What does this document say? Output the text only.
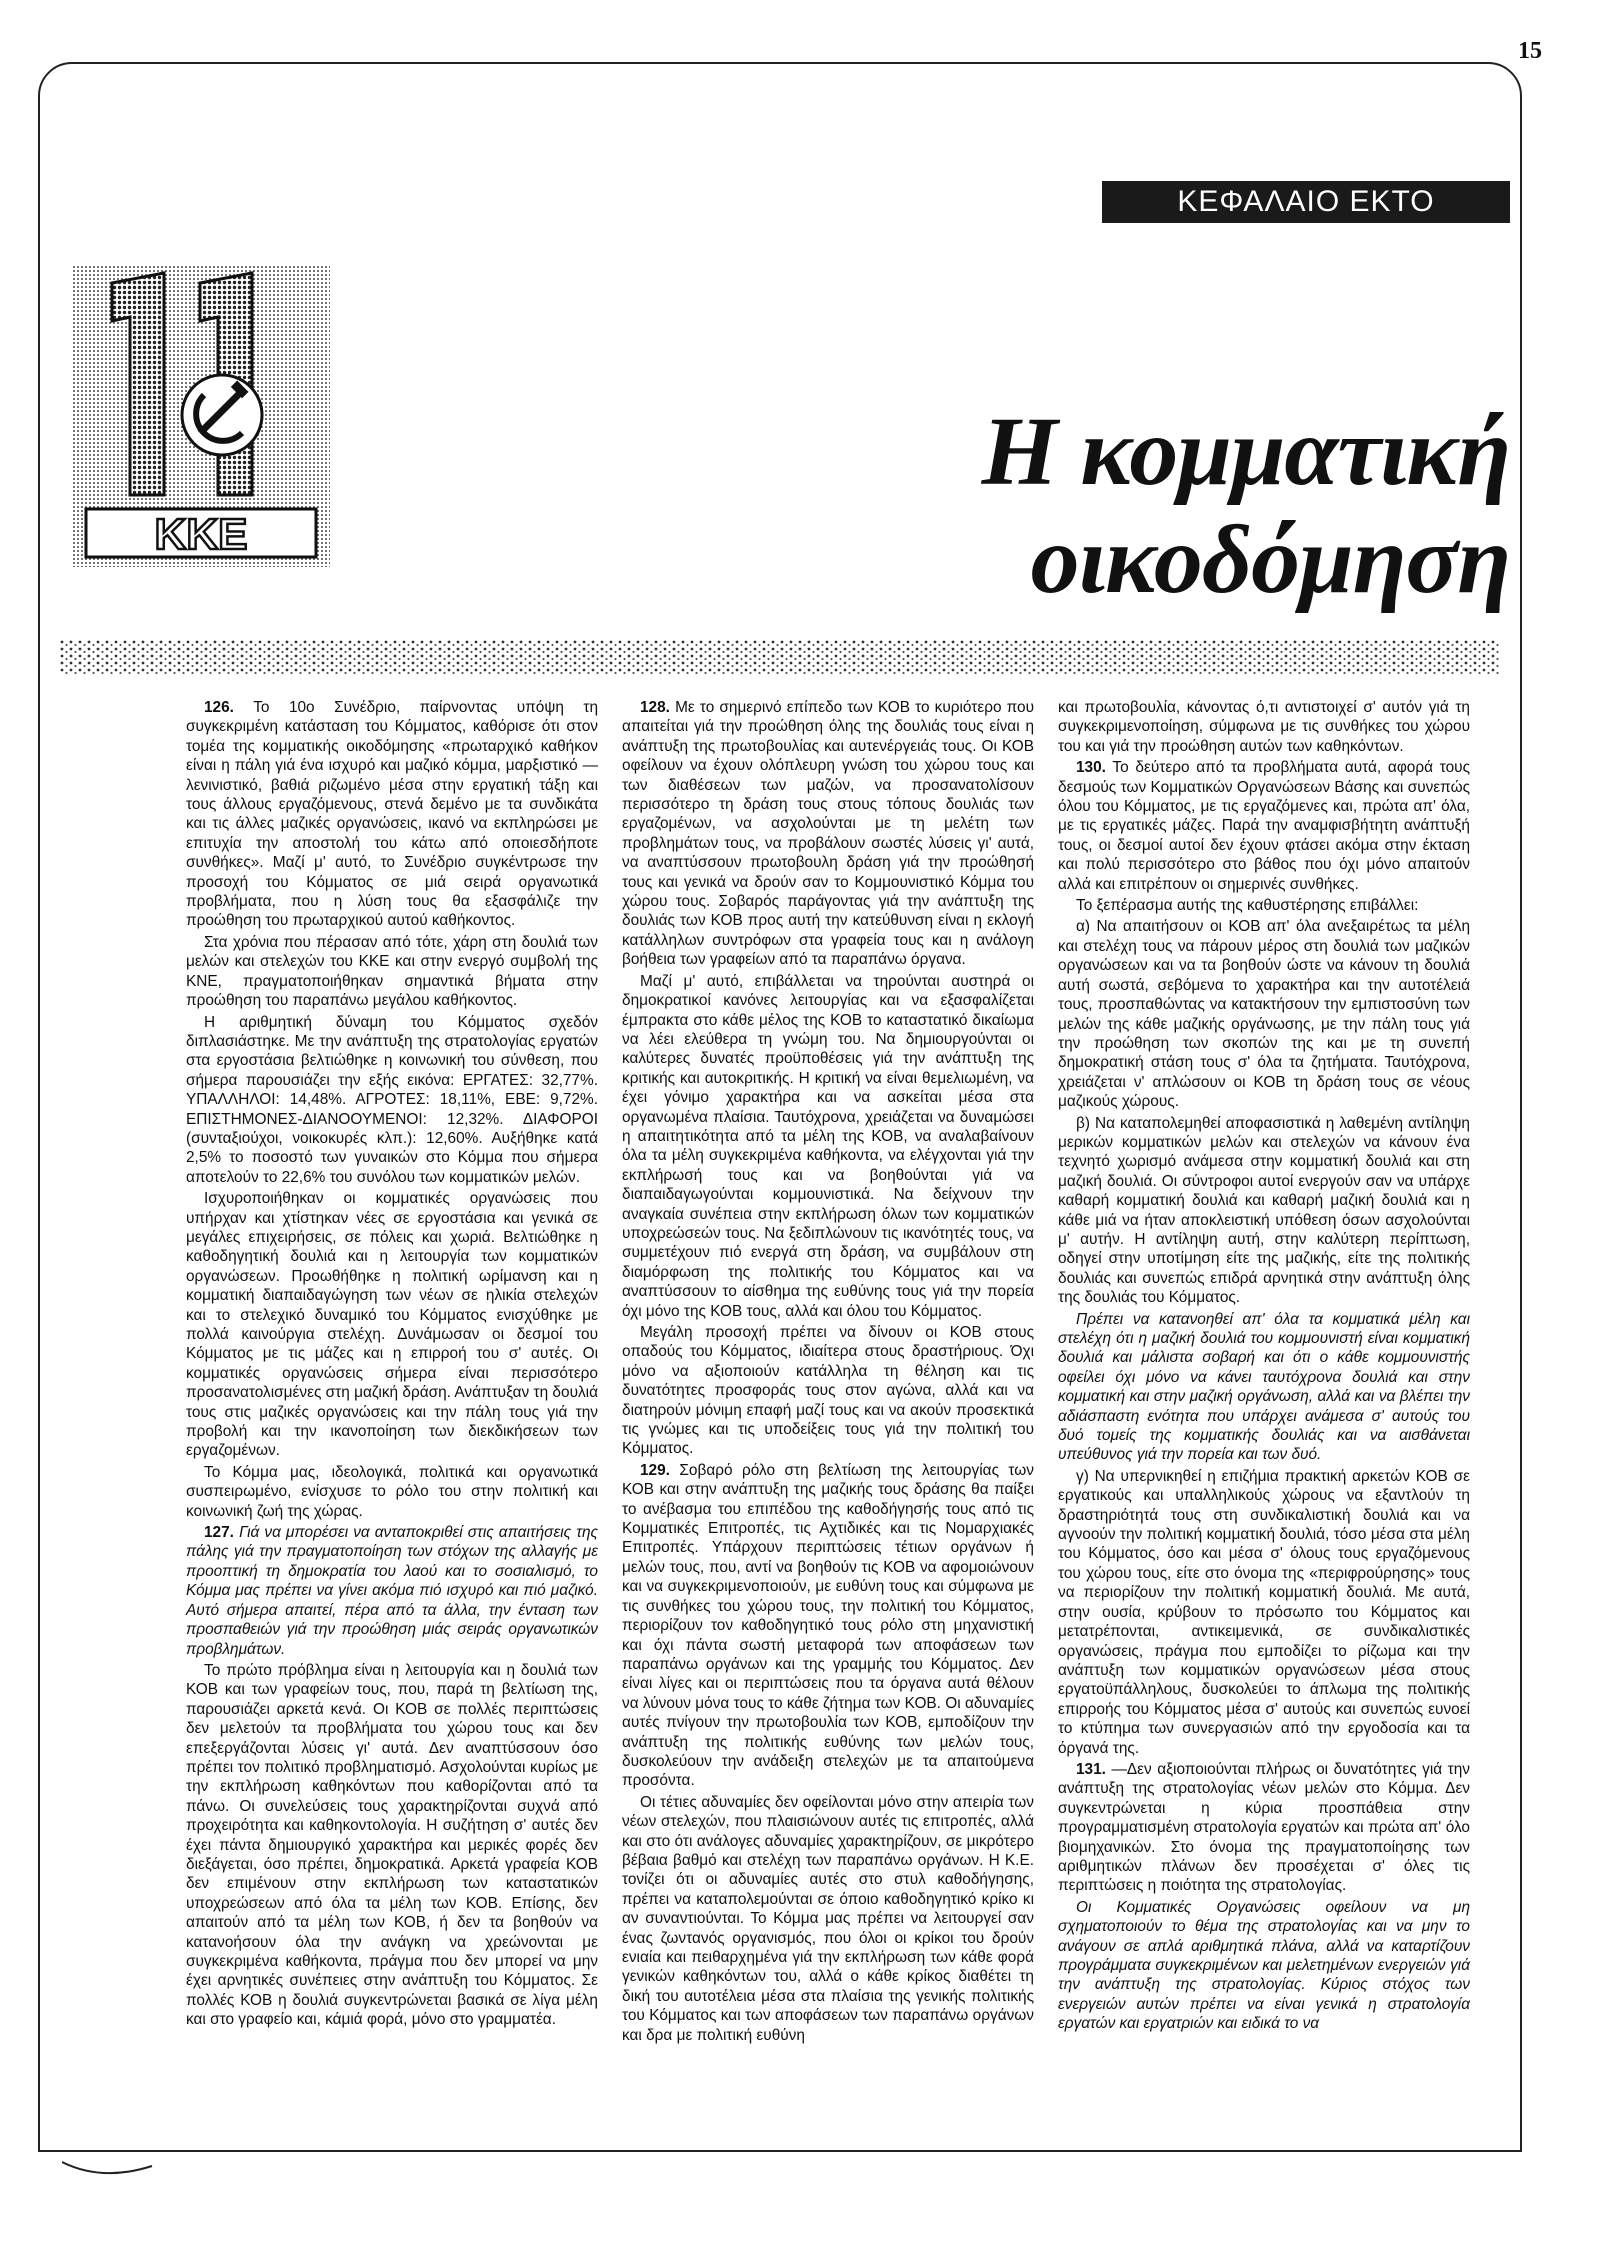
15
ΚΕΦΑΛΑΙΟ ΕΚΤΟ
ΚΚΕ
Η κομματική
οικοδόμηση

126. Το 10ο Συνέδριο, παίρνοντας υπόψη τη συγκεκριμένη κατάσταση του Κόμματος, καθόρισε ότι στον τομέα της κομματικής οικοδόμησης «πρωταρχικό καθήκον είναι η πάλη γιά ένα ισχυρό και μαζικό κόμμα, μαρξιστικό — λενινιστικό, βαθιά ριζωμένο μέσα στην εργατική τάξη και τους άλλους εργαζόμενους, στενά δεμένο με τα συνδικάτα και τις άλλες μαζικές οργανώσεις, ικανό να εκπληρώσει με επιτυχία την αποστολή του κάτω από οποιεσδήποτε συνθήκες». Μαζί μ' αυτό, το Συνέδριο συγκέντρωσε την προσοχή του Κόμματος σε μιά σειρά οργανωτικά προβλήματα, που η λύση τους θα εξασφάλιζε την προώθηση του πρωταρχικού αυτού καθήκοντος.

Στα χρόνια που πέρασαν από τότε, χάρη στη δουλιά των μελών και στελεχών του ΚΚΕ και στην ενεργό συμβολή της ΚΝΕ, πραγματοποιήθηκαν σημαντικά βήματα στην προώθηση του παραπάνω μεγάλου καθήκοντος.

Η αριθμητική δύναμη του Κόμματος σχεδόν διπλασιάστηκε. Με την ανάπτυξη της στρατολογίας εργατών στα εργοστάσια βελτιώθηκε η κοινωνική του σύνθεση, που σήμερα παρουσιάζει την εξής εικόνα: ΕΡΓΑΤΕΣ: 32,77%. ΥΠΑΛΛΗΛΟΙ: 14,48%. ΑΓΡΟΤΕΣ: 18,11%, ΕΒΕ: 9,72%. ΕΠΙΣΤΗΜΟΝΕΣ-ΔΙΑΝΟΟΥΜΕΝΟΙ: 12,32%. ΔΙΑΦΟΡΟΙ (συνταξιούχοι, νοικοκυρές κλπ.): 12,60%. Αυξήθηκε κατά 2,5% το ποσοστό των γυναικών στο Κόμμα που σήμερα αποτελούν το 22,6% του συνόλου των κομματικών μελών.

Ισχυροποιήθηκαν οι κομματικές οργανώσεις που υπήρχαν και χτίστηκαν νέες σε εργοστάσια και γενικά σε μεγάλες επιχειρήσεις, σε πόλεις και χωριά. Βελτιώθηκε η καθοδηγητική δουλιά και η λειτουργία των κομματικών οργανώσεων. Προωθήθηκε η πολιτική ωρίμανση και η κομματική διαπαιδαγώγηση των νέων σε ηλικία στελεχών και το στελεχικό δυναμικό του Κόμματος ενισχύθηκε με πολλά καινούργια στελέχη. Δυνάμωσαν οι δεσμοί του Κόμματος με τις μάζες και η επιρροή του σ' αυτές. Οι κομματικές οργανώσεις σήμερα είναι περισσότερο προσανατολισμένες στη μαζική δράση. Ανάπτυξαν τη δουλιά τους στις μαζικές οργανώσεις και την πάλη τους γιά την προβολή και την ικανοποίηση των διεκδικήσεων των εργαζομένων.

Το Κόμμα μας, ιδεολογικά, πολιτικά και οργανωτικά συσπειρωμένο, ενίσχυσε το ρόλο του στην πολιτική και κοινωνική ζωή της χώρας.

127. Γιά να μπορέσει να ανταποκριθεί στις απαιτήσεις της πάλης γιά την πραγματοποίηση των στόχων της αλλαγής με προοπτική τη δημοκρατία του λαού και το σοσιαλισμό, το Κόμμα μας πρέπει να γίνει ακόμα πιό ισχυρό και πιό μαζικό. Αυτό σήμερα απαιτεί, πέρα από τα άλλα, την ένταση των προσπαθειών γιά την προώθηση μιάς σειράς οργανωτικών προβλημάτων.

Το πρώτο πρόβλημα είναι η λειτουργία και η δουλιά των ΚΟΒ και των γραφείων τους, που, παρά τη βελτίωση της, παρουσιάζει αρκετά κενά. Οι ΚΟΒ σε πολλές περιπτώσεις δεν μελετούν τα προβλήματα του χώρου τους και δεν επεξεργάζονται λύσεις γι' αυτά. Δεν αναπτύσσουν όσο πρέπει τον πολιτικό προβληματισμό. Ασχολούνται κυρίως με την εκπλήρωση καθηκόντων που καθορίζονται από τα πάνω. Οι συνελεύσεις τους χαρακτηρίζονται συχνά από προχειρότητα και καθηκοντολογία. Η συζήτηση σ' αυτές δεν έχει πάντα δημιουργικό χαρακτήρα και μερικές φορές δεν διεξάγεται, όσο πρέπει, δημοκρατικά. Αρκετά γραφεία ΚΟΒ δεν επιμένουν στην εκπλήρωση των καταστατικών υποχρεώσεων από όλα τα μέλη των ΚΟΒ. Επίσης, δεν απαιτούν από τα μέλη των ΚΟΒ, ή δεν τα βοηθούν να κατανοήσουν όλα την ανάγκη να χρεώνονται με συγκεκριμένα καθήκοντα, πράγμα που δεν μπορεί να μην έχει αρνητικές συνέπειες στην ανάπτυξη του Κόμματος. Σε πολλές ΚΟΒ η δουλιά συγκεντρώνεται βασικά σε λίγα μέλη και στο γραφείο και, κάμιά φορά, μόνο στο γραμματέα.

128. Με το σημερινό επίπεδο των ΚΟΒ το κυριότερο που απαιτείται γιά την προώθηση όλης της δουλιάς τους είναι η ανάπτυξη της πρωτοβουλίας και αυτενέργειάς τους. Οι ΚΟΒ οφείλουν να έχουν ολόπλευρη γνώση του χώρου τους και των διαθέσεων των μαζών, να προσανατολίσουν περισσότερο τη δράση τους στους τόπους δουλιάς των εργαζομένων, να ασχολούνται με τη μελέτη των προβλημάτων τους, να προβάλουν σωστές λύσεις γι' αυτά, να αναπτύσσουν πρωτοβουλη δράση γιά την προώθησή τους και γενικά να δρούν σαν το Κομμουνιστικό Κόμμα του χώρου τους. Σοβαρός παράγοντας γιά την ανάπτυξη της δουλιάς των ΚΟΒ προς αυτή την κατεύθυνση είναι η εκλογή κατάλληλων συντρόφων στα γραφεία τους και η ανάλογη βοήθεια των γραφείων από τα παραπάνω όργανα.

Μαζί μ' αυτό, επιβάλλεται να τηρούνται αυστηρά οι δημοκρατικοί κανόνες λειτουργίας και να εξασφαλίζεται έμπρακτα στο κάθε μέλος της ΚΟΒ το καταστατικό δικαίωμα να λέει ελεύθερα τη γνώμη του. Να δημιουργούνται οι καλύτερες δυνατές προϋποθέσεις γιά την ανάπτυξη της κριτικής και αυτοκριτικής. Η κριτική να είναι θεμελιωμένη, να έχει γόνιμο χαρακτήρα και να ασκείται μέσα στα οργανωμένα πλαίσια. Ταυτόχρονα, χρειάζεται να δυναμώσει η απαιτητικότητα από τα μέλη της ΚΟΒ, να αναλαβαίνουν όλα τα μέλη συγκεκριμένα καθήκοντα, να ελέγχονται γιά την εκπλήρωσή τους και να βοηθούνται γιά να διαπαιδαγωγούνται κομμουνιστικά. Να δείχνουν την αναγκαία συνέπεια στην εκπλήρωση όλων των κομματικών υποχρεώσεών τους. Να ξεδιπλώνουν τις ικανότητές τους, να συμμετέχουν πιό ενεργά στη δράση, να συμβάλουν στη διαμόρφωση της πολιτικής του Κόμματος και να αναπτύσσουν το αίσθημα της ευθύνης τους γιά την πορεία όχι μόνο της ΚΟΒ τους, αλλά και όλου του Κόμματος.

Μεγάλη προσοχή πρέπει να δίνουν οι ΚΟΒ στους οπαδούς του Κόμματος, ιδιαίτερα στους δραστήριους. Όχι μόνο να αξιοποιούν κατάλληλα τη θέληση και τις δυνατότητες προσφοράς τους στον αγώνα, αλλά και να διατηρούν μόνιμη επαφή μαζί τους και να ακούν προσεκτικά τις γνώμες και τις υποδείξεις τους γιά την πολιτική του Κόμματος.

129. Σοβαρό ρόλο στη βελτίωση της λειτουργίας των ΚΟΒ και στην ανάπτυξη της μαζικής τους δράσης θα παίξει το ανέβασμα του επιπέδου της καθοδήγησής τους από τις Κομματικές Επιτροπές, τις Αχτιδικές και τις Νομαρχιακές Επιτροπές. Υπάρχουν περιπτώσεις τέτιων οργάνων ή μελών τους, που, αντί να βοηθούν τις ΚΟΒ να αφομοιώνουν και να συγκεκριμενοποιούν, με ευθύνη τους και σύμφωνα με τις συνθήκες του χώρου τους, την πολιτική του Κόμματος, περιορίζουν τον καθοδηγητικό τους ρόλο στη μηχανιστική και όχι πάντα σωστή μεταφορά των αποφάσεων των παραπάνω οργάνων και της γραμμής του Κόμματος. Δεν είναι λίγες και οι περιπτώσεις που τα όργανα αυτά θέλουν να λύνουν μόνα τους το κάθε ζήτημα των ΚΟΒ. Οι αδυναμίες αυτές πνίγουν την πρωτοβουλία των ΚΟΒ, εμποδίζουν την ανάπτυξη της πολιτικής ευθύνης των μελών τους, δυσκολεύουν την ανάδειξη στελεχών με τα απαιτούμενα προσόντα.

Οι τέτιες αδυναμίες δεν οφείλονται μόνο στην απειρία των νέων στελεχών, που πλαισιώνουν αυτές τις επιτροπές, αλλά και στο ότι ανάλογες αδυναμίες χαρακτηρίζουν, σε μικρότερο βέβαια βαθμό και στελέχη των παραπάνω οργάνων. Η Κ.Ε. τονίζει ότι οι αδυναμίες αυτές στο στυλ καθοδήγησης, πρέπει να καταπολεμούνται σε όποιο καθοδηγητικό κρίκο κι αν συναντιούνται. Το Κόμμα μας πρέπει να λειτουργεί σαν ένας ζωντανός οργανισμός, που όλοι οι κρίκοι του δρούν ενιαία και πειθαρχημένα γιά την εκπλήρωση των κάθε φορά γενικών καθηκόντων του, αλλά ο κάθε κρίκος διαθέτει τη δική του αυτοτέλεια μέσα στα πλαίσια της γενικής πολιτικής του Κόμματος και των αποφάσεων των παραπάνω οργάνων και δρα με πολιτική ευθύνη

και πρωτοβουλία, κάνοντας ό,τι αντιστοιχεί σ' αυτόν γιά τη συγκεκριμενοποίηση, σύμφωνα με τις συνθήκες του χώρου του και γιά την προώθηση αυτών των καθηκόντων.

130. Το δεύτερο από τα προβλήματα αυτά, αφορά τους δεσμούς των Κομματικών Οργανώσεων Βάσης και συνεπώς όλου του Κόμματος, με τις εργαζόμενες και, πρώτα απ' όλα, με τις εργατικές μάζες. Παρά την αναμφισβήτητη ανάπτυξή τους, οι δεσμοί αυτοί δεν έχουν φτάσει ακόμα στην έκταση και πολύ περισσότερο στο βάθος που όχι μόνο απαιτούν αλλά και επιτρέπουν οι σημερινές συνθήκες.

Το ξεπέρασμα αυτής της καθυστέρησης επιβάλλει:

α) Να απαιτήσουν οι ΚΟΒ απ' όλα ανεξαιρέτως τα μέλη και στελέχη τους να πάρουν μέρος στη δουλιά των μαζικών οργανώσεων και να τα βοηθούν ώστε να κάνουν τη δουλιά αυτή σωστά, σεβόμενα το χαρακτήρα και την αυτοτέλειά τους, προσπαθώντας να κατακτήσουν την εμπιστοσύνη των μελών της κάθε μαζικής οργάνωσης, με την πάλη τους γιά την προώθηση των σκοπών της και με τη συνεπή δημοκρατική στάση τους σ' όλα τα ζητήματα. Ταυτόχρονα, χρειάζεται ν' απλώσουν οι ΚΟΒ τη δράση τους σε νέους μαζικούς χώρους.

β) Να καταπολεμηθεί αποφασιστικά η λαθεμένη αντίληψη μερικών κομματικών μελών και στελεχών να κάνουν ένα τεχνητό χωρισμό ανάμεσα στην κομματική δουλιά και στη μαζική δουλιά. Οι σύντροφοι αυτοί ενεργούν σαν να υπάρχε καθαρή κομματική δουλιά και καθαρή μαζική δουλιά και η κάθε μιά να ήταν αποκλειστική υπόθεση όσων ασχολούνται μ' αυτήν. Η αντίληψη αυτή, στην καλύτερη περίπτωση, οδηγεί στην υποτίμηση είτε της μαζικής, είτε της πολιτικής δουλιάς και συνεπώς επιδρά αρνητικά στην ανάπτυξη όλης της δουλιάς του Κόμματος.

Πρέπει να κατανοηθεί απ' όλα τα κομματικά μέλη και στελέχη ότι η μαζική δουλιά του κομμουνιστή είναι κομματική δουλιά και μάλιστα σοβαρή και ότι ο κάθε κομμουνιστής οφείλει όχι μόνο να κάνει ταυτόχρονα δουλιά και στην κομματική και στην μαζική οργάνωση, αλλά και να βλέπει την αδιάσπαστη ενότητα που υπάρχει ανάμεσα σ' αυτούς του δυό τομείς της κομματικής δουλιάς και να αισθάνεται υπεύθυνος γιά την πορεία και των δυό.

γ) Να υπερνικηθεί η επιζήμια πρακτική αρκετών ΚΟΒ σε εργατικούς και υπαλληλικούς χώρους να εξαντλούν τη δραστηριότητά τους στη συνδικαλιστική δουλιά και να αγνοούν την πολιτική κομματική δουλιά, τόσο μέσα στα μέλη του Κόμματος, όσο και μέσα σ' όλους τους εργαζόμενους του χώρου τους, είτε στο όνομα της «περιφρούρησης» τους να περιορίζουν την πολιτική κομματική δουλιά. Με αυτά, στην ουσία, κρύβουν το πρόσωπο του Κόμματος και μετατρέπονται, αντικειμενικά, σε συνδικαλιστικές οργανώσεις, πράγμα που εμποδίζει το ρίζωμα και την ανάπτυξη των κομματικών οργανώσεων μέσα στους εργατοϋπάλληλους, δυσκολεύει το άπλωμα της πολιτικής επιρροής του Κόμματος μέσα σ' αυτούς και συνεπώς ευνοεί το κτύπημα των συνεργασιών από την εργοδοσία και τα όργανά της.

131. —Δεν αξιοποιούνται πλήρως οι δυνατότητες γιά την ανάπτυξη της στρατολογίας νέων μελών στο Κόμμα. Δεν συγκεντρώνεται η κύρια προσπάθεια στην προγραμματισμένη στρατολογία εργατών και πρώτα απ' όλο βιομηχανικών. Στο όνομα της πραγματοποίησης των αριθμητικών πλάνων δεν προσέχεται σ' όλες τις περιπτώσεις η ποιότητα της στρατολογίας.

Οι Κομματικές Οργανώσεις οφείλουν να μη σχηματοποιούν το θέμα της στρατολογίας και να μην το ανάγουν σε απλά αριθμητικά πλάνα, αλλά να καταρτίζουν προγράμματα συγκεκριμένων και μελετημένων ενεργειών γιά την ανάπτυξη της στρατολογίας. Κύριος στόχος των ενεργειών αυτών πρέπει να είναι γενικά η στρατολογία εργατών και εργατριών και ειδικά το να
